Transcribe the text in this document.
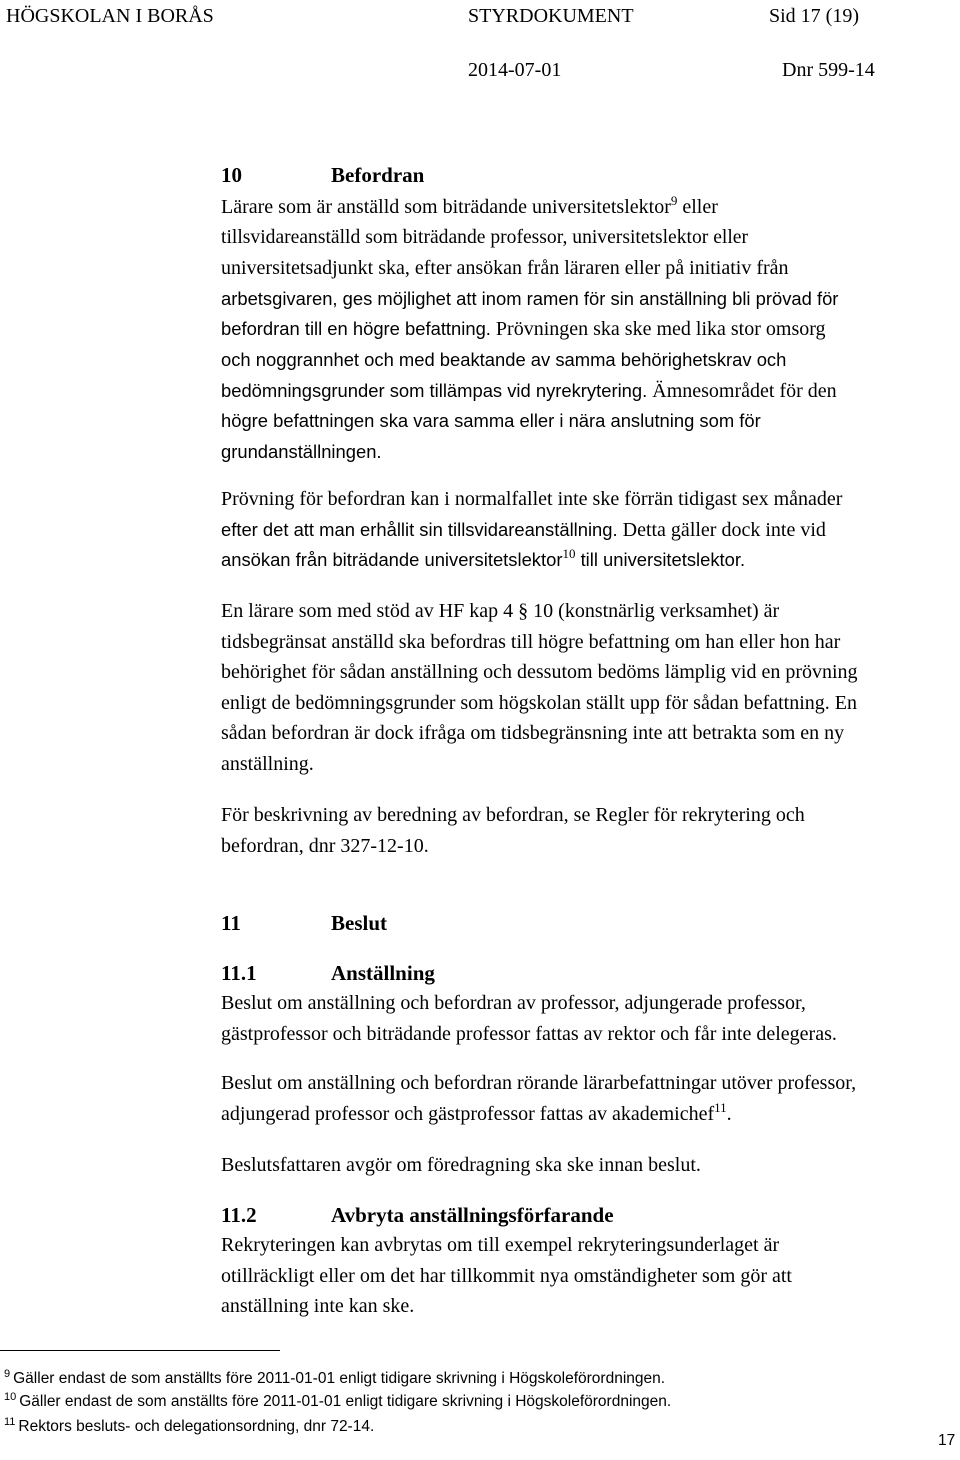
HÖGSKOLAN I BORÅS	STYRDOKUMENT	Sid 17 (19)
2014-07-01	Dnr 599-14
10	Befordran
Lärare som är anställd som biträdande universitetslektor$^9$ eller
tillsvidareanställd som biträdande professor, universitetslektor eller
universitetsadjunkt ska, efter ansökan från läraren eller på initiativ från
arbetsgivaren, ges möjlighet att inom ramen för sin anställning bli prövad för
befordran till en högre befattning. Prövningen ska ske med lika stor omsorg
och noggrannhet och med beaktande av samma behörighetskrav och
bedömningsgrunder som tillämpas vid nyrekrytering. Ämnesområdet för den
högre befattningen ska vara samma eller i nära anslutning som för
grundanställningen.
Prövning för befordran kan i normalfallet inte ske förrän tidigast sex månader
efter det att man erhållit sin tillsvidareanställning. Detta gäller dock inte vid
ansökan från biträdande universitetslektor$^{10}$ till universitetslektor.
En lärare som med stöd av HF kap 4 § 10 (konstnärlig verksamhet) är
tidsbegränsat anställd ska befordras till högre befattning om han eller hon har
behörighet för sådan anställning och dessutom bedöms lämplig vid en prövning
enligt de bedömningsgrunder som högskolan ställt upp för sådan befattning. En
sådan befordran är dock ifråga om tidsbegränsning inte att betrakta som en ny
anställning.
För beskrivning av beredning av befordran, se Regler för rekrytering och
befordran, dnr 327-12-10.
11	Beslut
11.1	Anställning
Beslut om anställning och befordran av professor, adjungerade professor,
gästprofessor och biträdande professor fattas av rektor och får inte delegeras.
Beslut om anställning och befordran rörande lärarbefattningar utöver professor,
adjungerad professor och gästprofessor fattas av akademichef$^{11}$.
Beslutsfattaren avgör om föredragning ska ske innan beslut.
11.2	Avbryta anställningsförfarande
Rekryteringen kan avbrytas om till exempel rekryteringsunderlaget är
otillräckligt eller om det har tillkommit nya omständigheter som gör att
anställning inte kan ske.
$^9$ Gäller endast de som anställts före 2011-01-01 enligt tidigare skrivning i Högskoleförordningen.
$^{10}$ Gäller endast de som anställts före 2011-01-01 enligt tidigare skrivning i Högskoleförordningen.
$^{11}$ Rektors besluts- och delegationsordning, dnr 72-14.
17
